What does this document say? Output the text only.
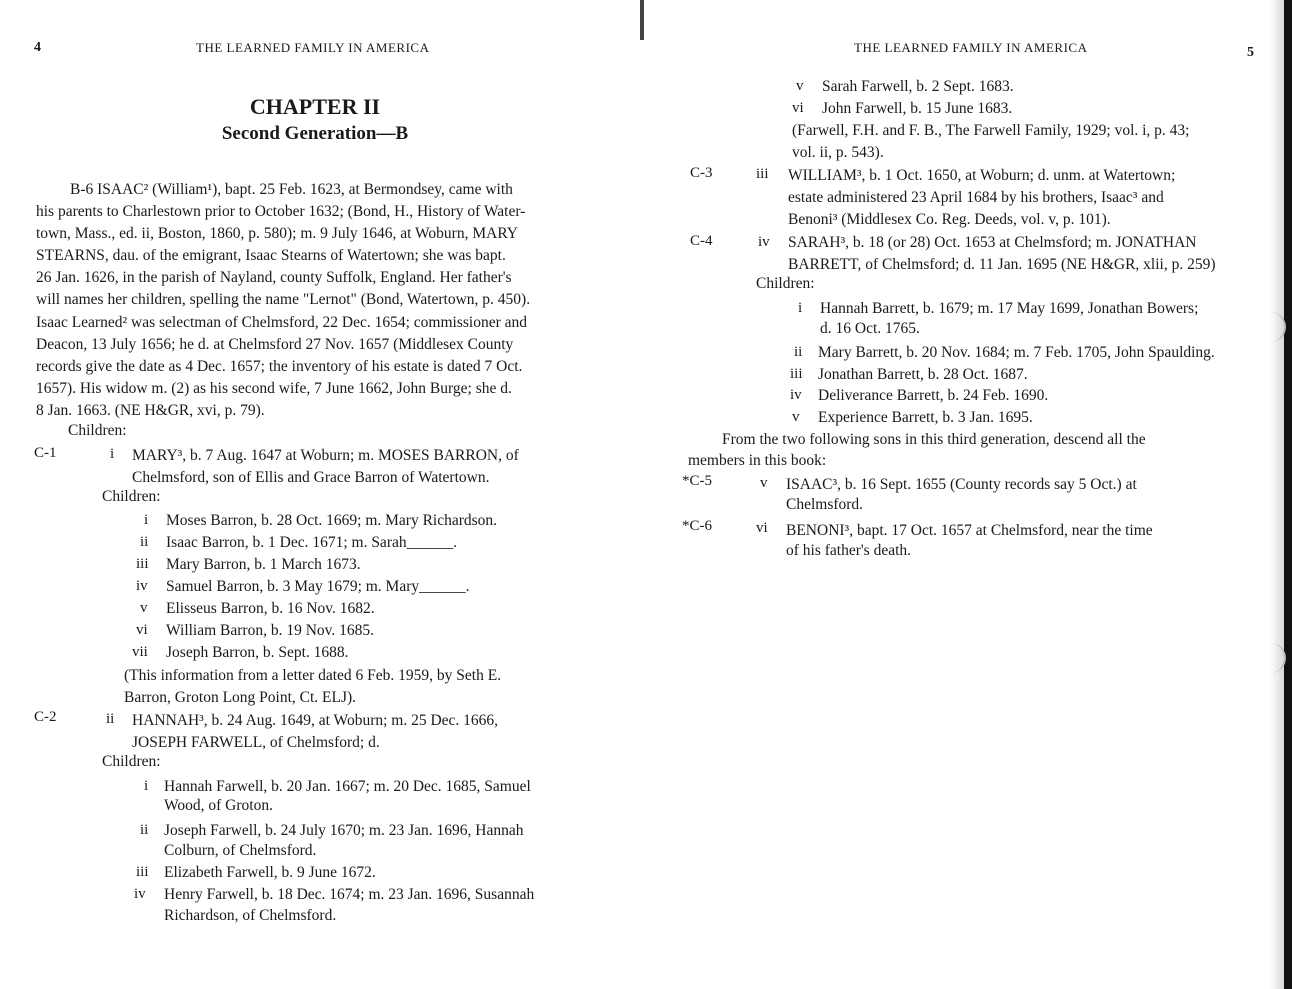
4	THE LEARNED FAMILY IN AMERICA
CHAPTER II
Second Generation—B
B-6 ISAAC² (William¹), bapt. 25 Feb. 1623, at Bermondsey, came with
his parents to Charlestown prior to October 1632; (Bond, H., History of Water-
town, Mass., ed. ii, Boston, 1860, p. 580); m. 9 July 1646, at Woburn, MARY
STEARNS, dau. of the emigrant, Isaac Stearns of Watertown; she was bapt.
26 Jan. 1626, in the parish of Nayland, county Suffolk, England. Her father's
will names her children, spelling the name "Lernot" (Bond, Watertown, p. 450).
Isaac Learned² was selectman of Chelmsford, 22 Dec. 1654; commissioner and
Deacon, 13 July 1656; he d. at Chelmsford 27 Nov. 1657 (Middlesex County
records give the date as 4 Dec. 1657; the inventory of his estate is dated 7 Oct.
1657). His widow m. (2) as his second wife, 7 June 1662, John Burge; she d.
8 Jan. 1663. (NE H&GR, xvi, p. 79).
Children:
C-1	i MARY³, b. 7 Aug. 1647 at Woburn; m. MOSES BARRON, of
Chelmsford, son of Ellis and Grace Barron of Watertown.
Children:
i Moses Barron, b. 28 Oct. 1669; m. Mary Richardson.
ii Isaac Barron, b. 1 Dec. 1671; m. Sarah______.
iii Mary Barron, b. 1 March 1673.
iv Samuel Barron, b. 3 May 1679; m. Mary______.
v Elisseus Barron, b. 16 Nov. 1682.
vi William Barron, b. 19 Nov. 1685.
vii Joseph Barron, b. Sept. 1688.
(This information from a letter dated 6 Feb. 1959, by Seth E.
Barron, Groton Long Point, Ct. ELJ).
C-2	ii HANNAH³, b. 24 Aug. 1649, at Woburn; m. 25 Dec. 1666,
JOSEPH FARWELL, of Chelmsford; d.
Children:
i Hannah Farwell, b. 20 Jan. 1667; m. 20 Dec. 1685, Samuel
Wood, of Groton.
ii Joseph Farwell, b. 24 July 1670; m. 23 Jan. 1696, Hannah
Colburn, of Chelmsford.
iii Elizabeth Farwell, b. 9 June 1672.
iv Henry Farwell, b. 18 Dec. 1674; m. 23 Jan. 1696, Susannah
Richardson, of Chelmsford.
THE LEARNED FAMILY IN AMERICA	5
v Sarah Farwell, b. 2 Sept. 1683.
vi John Farwell, b. 15 June 1683.
(Farwell, F.H. and F. B., The Farwell Family, 1929; vol. i, p. 43;
vol. ii, p. 543).
C-3	iii WILLIAM³, b. 1 Oct. 1650, at Woburn; d. unm. at Watertown;
estate administered 23 April 1684 by his brothers, Isaac³ and
Benoni³ (Middlesex Co. Reg. Deeds, vol. v, p. 101).
C-4	iv SARAH³, b. 18 (or 28) Oct. 1653 at Chelmsford; m. JONATHAN
BARRETT, of Chelmsford; d. 11 Jan. 1695 (NE H&GR, xlii, p. 259)
Children:
i Hannah Barrett, b. 1679; m. 17 May 1699, Jonathan Bowers;
d. 16 Oct. 1765.
ii Mary Barrett, b. 20 Nov. 1684; m. 7 Feb. 1705, John Spaulding.
iii Jonathan Barrett, b. 28 Oct. 1687.
iv Deliverance Barrett, b. 24 Feb. 1690.
v Experience Barrett, b. 3 Jan. 1695.
From the two following sons in this third generation, descend all the
members in this book:
*C-5	v ISAAC³, b. 16 Sept. 1655 (County records say 5 Oct.) at
Chelmsford.
*C-6	vi BENONI³, bapt. 17 Oct. 1657 at Chelmsford, near the time
of his father's death.
